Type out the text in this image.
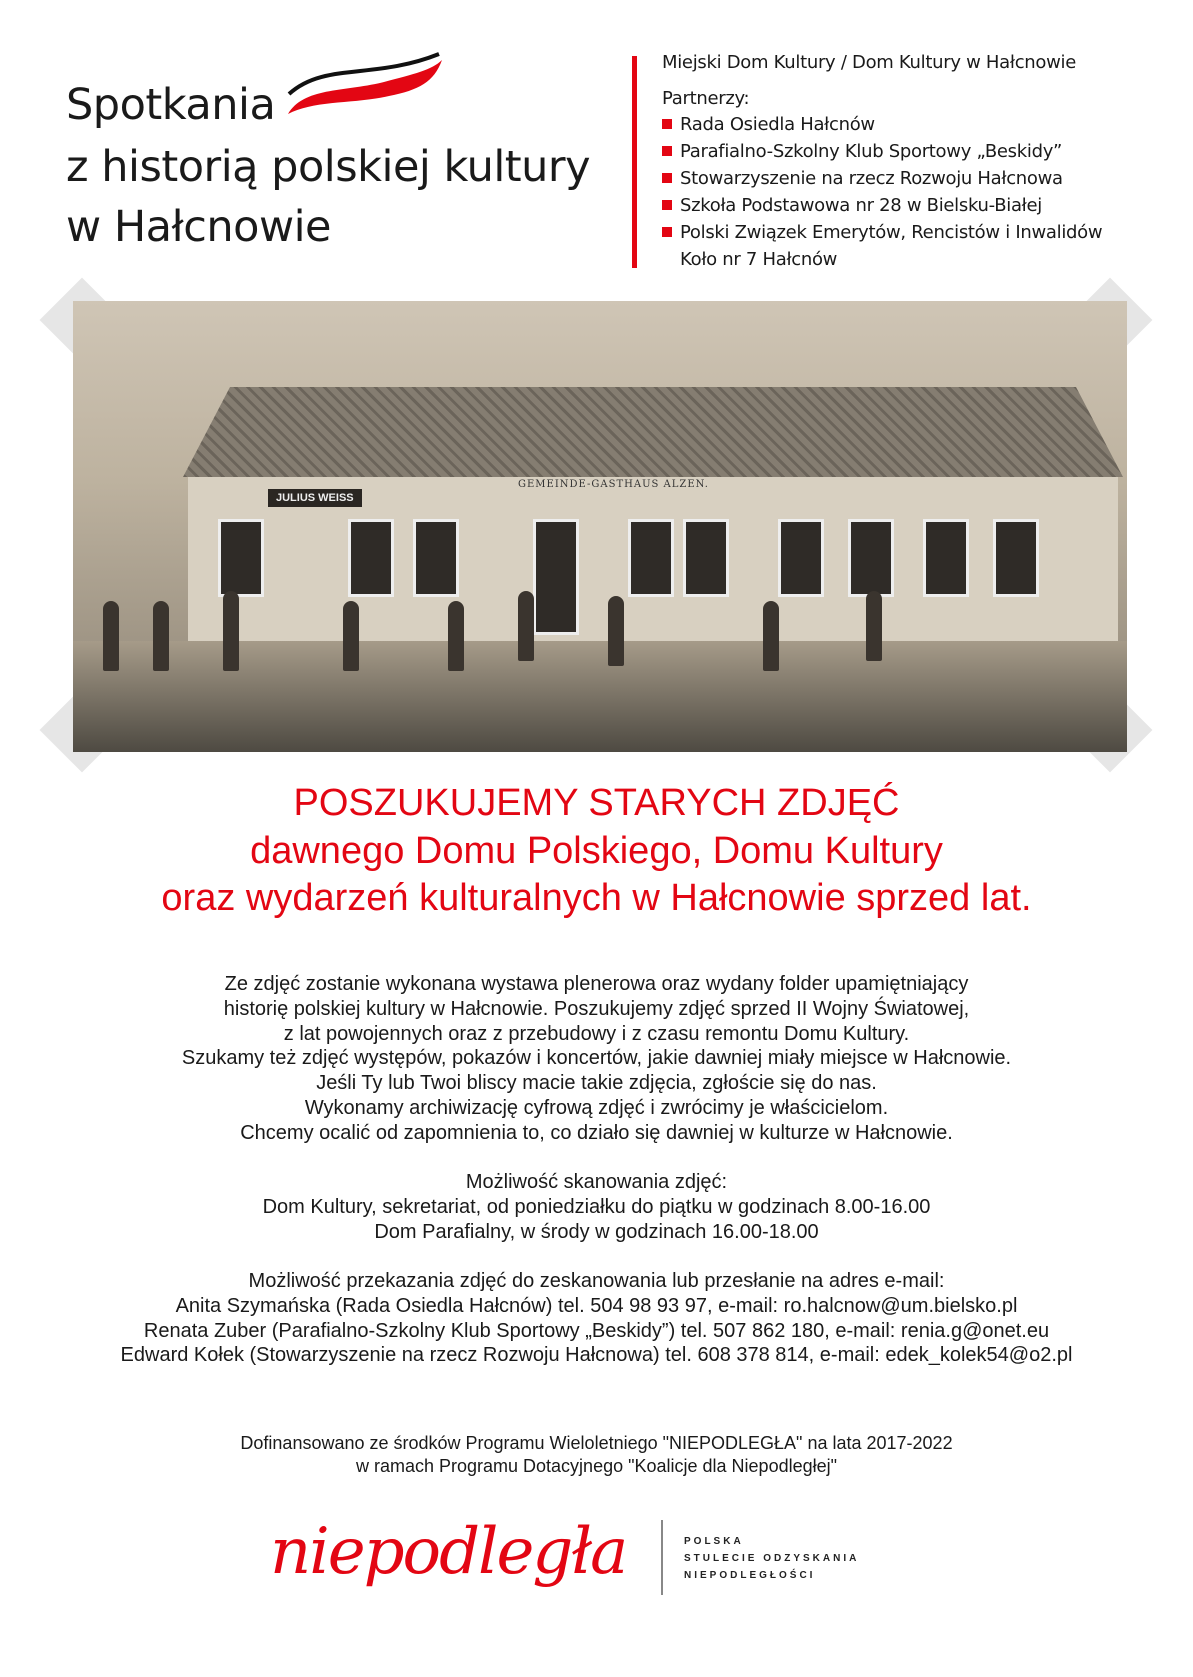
Spotkania
z historią polskiej kultury
w Hałcnowie
Miejski Dom Kultury / Dom Kultury w Hałcnowie
Partnerzy:
Rada Osiedla Hałcnów
Parafialno-Szkolny Klub Sportowy „Beskidy”
Stowarzyszenie na rzecz Rozwoju Hałcnowa
Szkoła Podstawowa nr 28 w Bielsku-Białej
Polski Związek Emerytów, Rencistów i Inwalidów
Koło nr 7 Hałcnów
JULIUS WEISS
GEMEINDE-GASTHAUS ALZEN.
POSZUKUJEMY STARYCH ZDJĘĆ
dawnego Domu Polskiego, Domu Kultury
oraz wydarzeń kulturalnych w Hałcnowie sprzed lat.
Ze zdjęć zostanie wykonana wystawa plenerowa oraz wydany folder upamiętniający
historię polskiej kultury w Hałcnowie. Poszukujemy zdjęć sprzed II Wojny Światowej,
z lat powojennych oraz z przebudowy i z czasu remontu Domu Kultury.
Szukamy też zdjęć występów, pokazów i koncertów, jakie dawniej miały miejsce w Hałcnowie.
Jeśli Ty lub Twoi bliscy macie takie zdjęcia, zgłoście się do nas.
Wykonamy archiwizację cyfrową zdjęć i zwrócimy je właścicielom.
Chcemy ocalić od zapomnienia to, co działo się dawniej w kulturze w Hałcnowie.
Możliwość skanowania zdjęć:
Dom Kultury, sekretariat, od poniedziałku do piątku w godzinach 8.00-16.00
Dom Parafialny, w środy w godzinach 16.00-18.00
Możliwość przekazania zdjęć do zeskanowania lub przesłanie na adres e-mail:
Anita Szymańska (Rada Osiedla Hałcnów) tel. 504 98 93 97, e-mail: ro.halcnow@um.bielsko.pl
Renata Zuber (Parafialno-Szkolny Klub Sportowy „Beskidy”) tel. 507 862 180, e-mail: renia.g@onet.eu
Edward Kołek (Stowarzyszenie na rzecz Rozwoju Hałcnowa) tel. 608 378 814, e-mail: edek_kolek54@o2.pl
Dofinansowano ze środków Programu Wieloletniego "NIEPODLEGŁA" na lata 2017-2022
w ramach Programu Dotacyjnego "Koalicje dla Niepodległej"
niepodległa	POLSKA
STULECIE ODZYSKANIA
NIEPODLEGŁOŚCI
